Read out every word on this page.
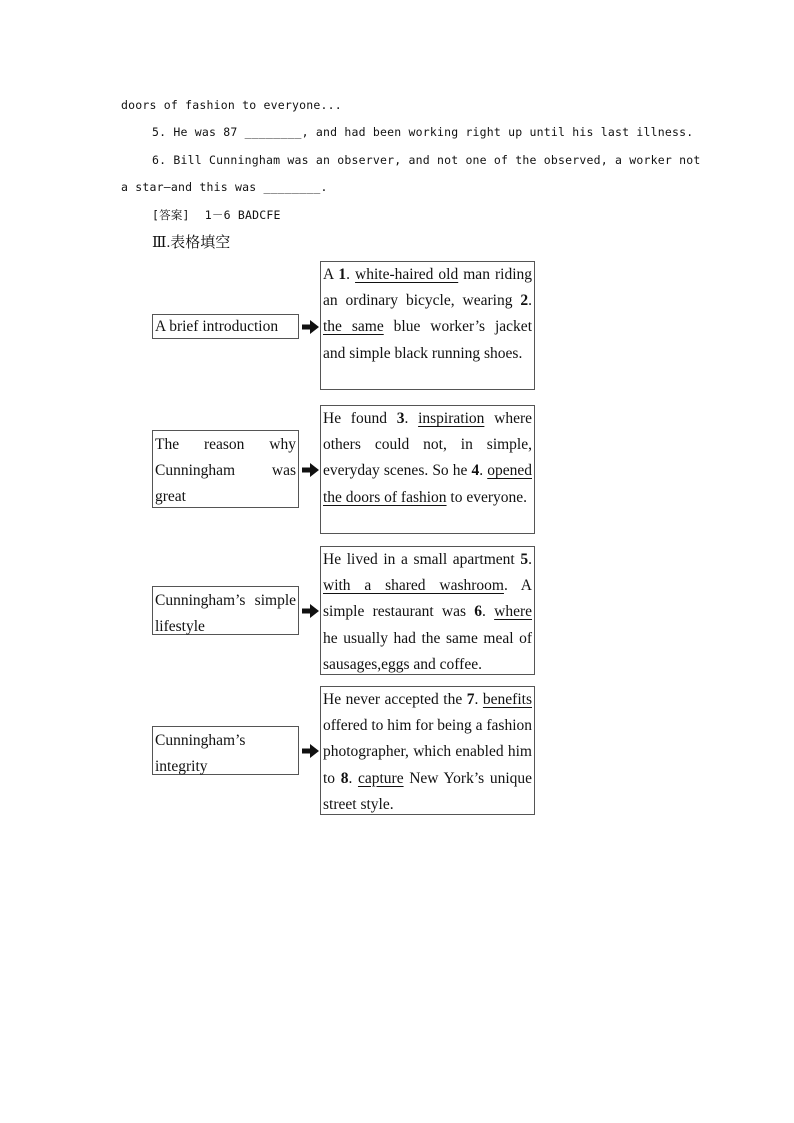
doors of fashion to everyone...
5. He was 87 ________, and had been working right up until his last illness.
6. Bill Cunningham was an observer, and not one of the observed, a worker not
a star—and this was ________.
[答案] 1－6 BADCFE
Ⅲ.表格填空
A brief introduction
A 1. white-haired old man riding an ordinary bicycle, wearing 2. the same blue worker’s jacket and simple black running shoes.
The reason why Cunningham was great
He found 3. inspiration where others could not, in simple, everyday scenes. So he 4. opened the doors of fashion to everyone.
Cunningham’s simple lifestyle
He lived in a small apartment 5. with a shared washroom. A simple restaurant was 6. where he usually had the same meal of sausages,eggs and coffee.
Cunningham’s integrity
He never accepted the 7. benefits offered to him for being a fashion photographer, which enabled him to 8. capture New York’s unique street style.
